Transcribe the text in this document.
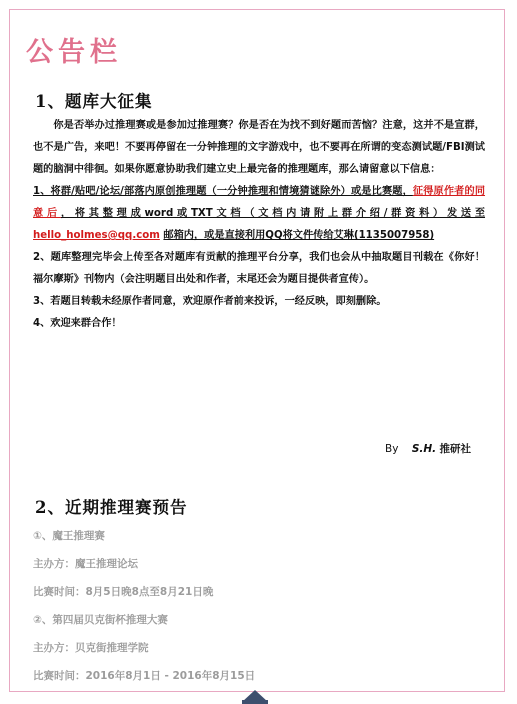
公告栏
1、题库大征集

你是否举办过推理赛或是参加过推理赛？你是否在为找不到好题而苦恼？注意，这并不是宣群，也不是广告，来吧！不要再停留在一分钟推理的文字游戏中，也不要再在所谓的变态测试题/FBI测试题的脑洞中徘徊。如果你愿意协助我们建立史上最完备的推理题库，那么请留意以下信息：

1、将群/贴吧/论坛/部落内原创推理题（一分钟推理和情境猜谜除外）或是比赛题，征得原作者的同意后，将其整理成word或TXT文档（文档内请附上群介绍/群资料）发送至 hello_holmes@qq.com 邮箱内，或是直接利用QQ将文件传给艾琳(1135007958)

2、题库整理完毕会上传至各对题库有贡献的推理平台分享，我们也会从中抽取题目刊载在《你好！福尔摩斯》刊物内（会注明题目出处和作者，末尾还会为题目提供者宣传）。

3、若题目转载未经原作者同意，欢迎原作者前来投诉，一经反映，即刻删除。

4、欢迎来群合作！

By S.H. 推研社
2、近期推理赛预告
①、魔王推理赛
主办方：魔王推理论坛
比赛时间：8月5日晚8点至8月21日晚
②、第四届贝克街杯推理大赛
主办方：贝克街推理学院
比赛时间：2016年8月1日 - 2016年8月15日
